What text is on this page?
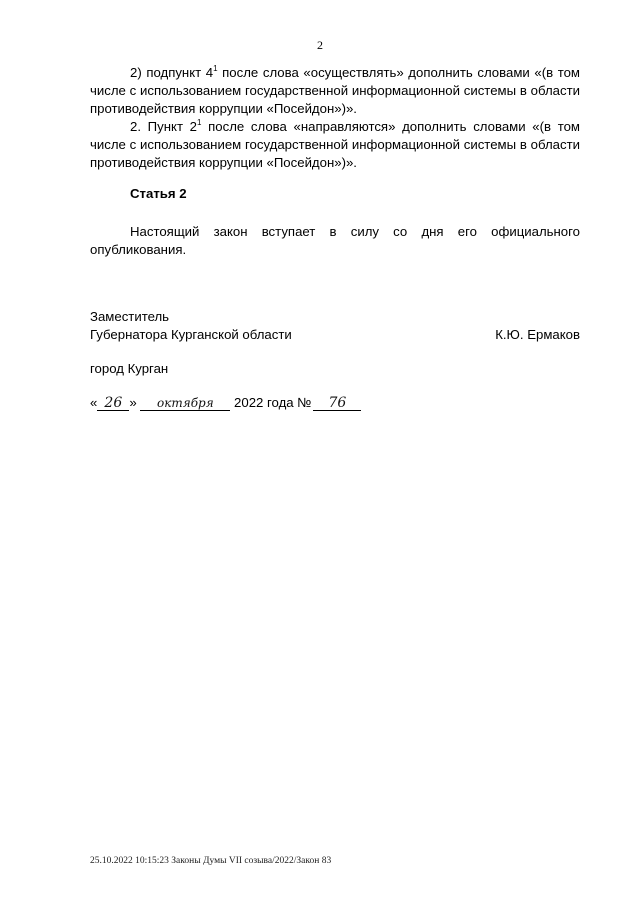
2

2) подпункт $4^1$ после слова «осуществлять» дополнить словами «(в том числе с использованием государственной информационной системы в области противодействия коррупции «Посейдон»)».

2. Пункт $2^1$ после слова «направляются» дополнить словами «(в том числе с использованием государственной информационной системы в области противодействия коррупции «Посейдон»)».

Статья 2

Настоящий закон вступает в силу со дня его официального опубликования.

Заместитель
Губернатора Курганской области	К.Ю. Ермаков
город Курган
« 26 » октября 2022 года № 76
25.10.2022 10:15:23 Законы Думы VII созыва/2022/Закон 83
